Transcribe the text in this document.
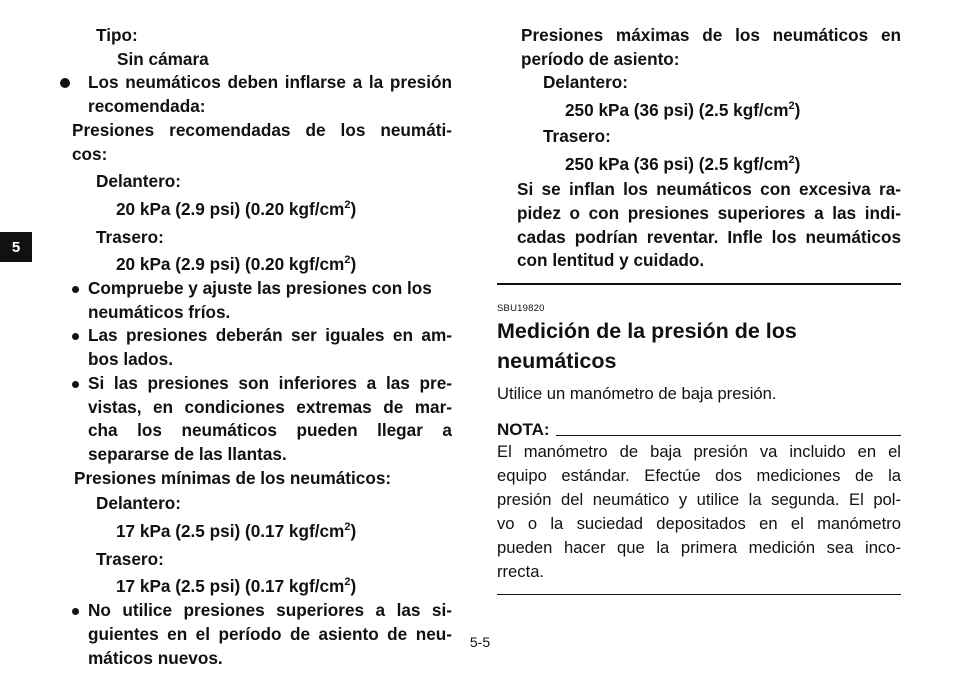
5
Tipo:
Sin cámara
Los neumáticos deben inflarse a la presión
recomendada:
Presiones recomendadas de los neumáti-
cos:
Delantero:
20 kPa (2.9 psi) (0.20 kgf/$cm^2$)
Trasero:
20 kPa (2.9 psi) (0.20 kgf/$cm^2$)
Compruebe y ajuste las presiones con los
neumáticos fríos.
Las presiones deberán ser iguales en am-
bos lados.
Si las presiones son inferiores a las pre-
vistas, en condiciones extremas de mar-
cha los neumáticos pueden llegar a
separarse de las llantas.
Presiones mínimas de los neumáticos:
Delantero:
17 kPa (2.5 psi) (0.17 kgf/$cm^2$)
Trasero:
17 kPa (2.5 psi) (0.17 kgf/$cm^2$)
No utilice presiones superiores a las si-
guientes en el período de asiento de neu-
máticos nuevos.
Presiones máximas de los neumáticos en
período de asiento:
Delantero:
250 kPa (36 psi) (2.5 kgf/$cm^2$)
Trasero:
250 kPa (36 psi) (2.5 kgf/$cm^2$)
Si se inflan los neumáticos con excesiva ra-
pidez o con presiones superiores a las indi-
cadas podrían reventar. Infle los neumáticos
con lentitud y cuidado.
SBU19820
Medición de la presión de los
neumáticos
Utilice un manómetro de baja presión.
NOTA:
El manómetro de baja presión va incluido en el
equipo estándar. Efectúe dos mediciones de la
presión del neumático y utilice la segunda. El pol-
vo o la suciedad depositados en el manómetro
pueden hacer que la primera medición sea inco-
rrecta.
5-5
